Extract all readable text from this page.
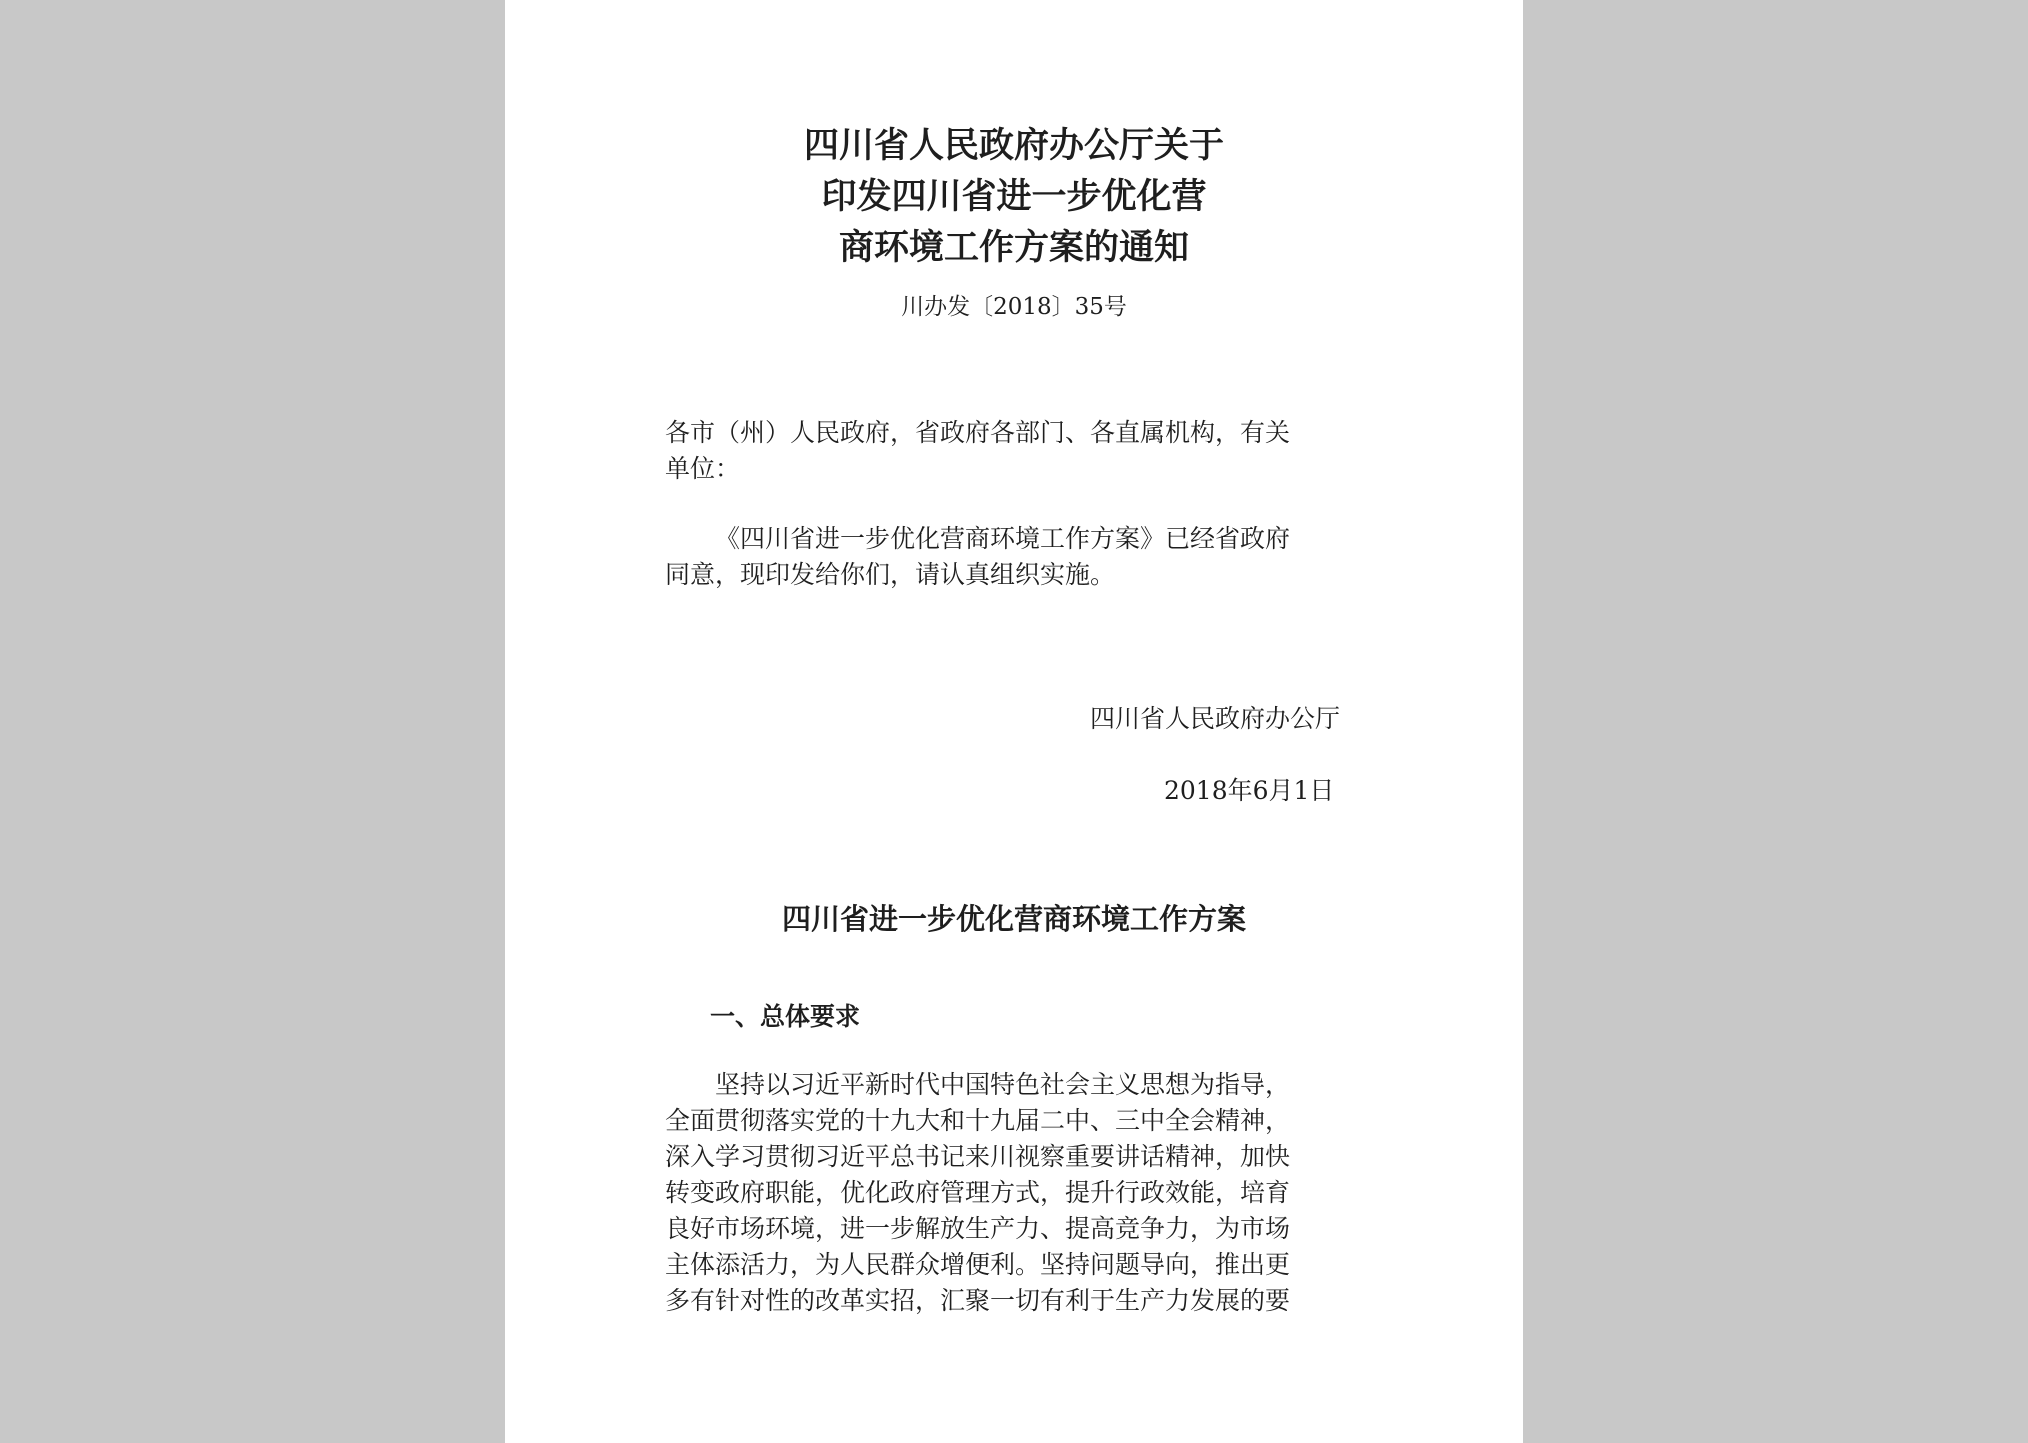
四川省人民政府办公厅关于
印发四川省进一步优化营
商环境工作方案的通知
川办发〔2018〕35号
各市（州）人民政府，省政府各部门、各直属机构，有关
单位：
《四川省进一步优化营商环境工作方案》已经省政府
同意，现印发给你们，请认真组织实施。
四川省人民政府办公厅
2018年6月1日
四川省进一步优化营商环境工作方案
一、总体要求
坚持以习近平新时代中国特色社会主义思想为指导，
全面贯彻落实党的十九大和十九届二中、三中全会精神，
深入学习贯彻习近平总书记来川视察重要讲话精神，加快
转变政府职能，优化政府管理方式，提升行政效能，培育
良好市场环境，进一步解放生产力、提高竞争力，为市场
主体添活力，为人民群众增便利。坚持问题导向，推出更
多有针对性的改革实招，汇聚一切有利于生产力发展的要
